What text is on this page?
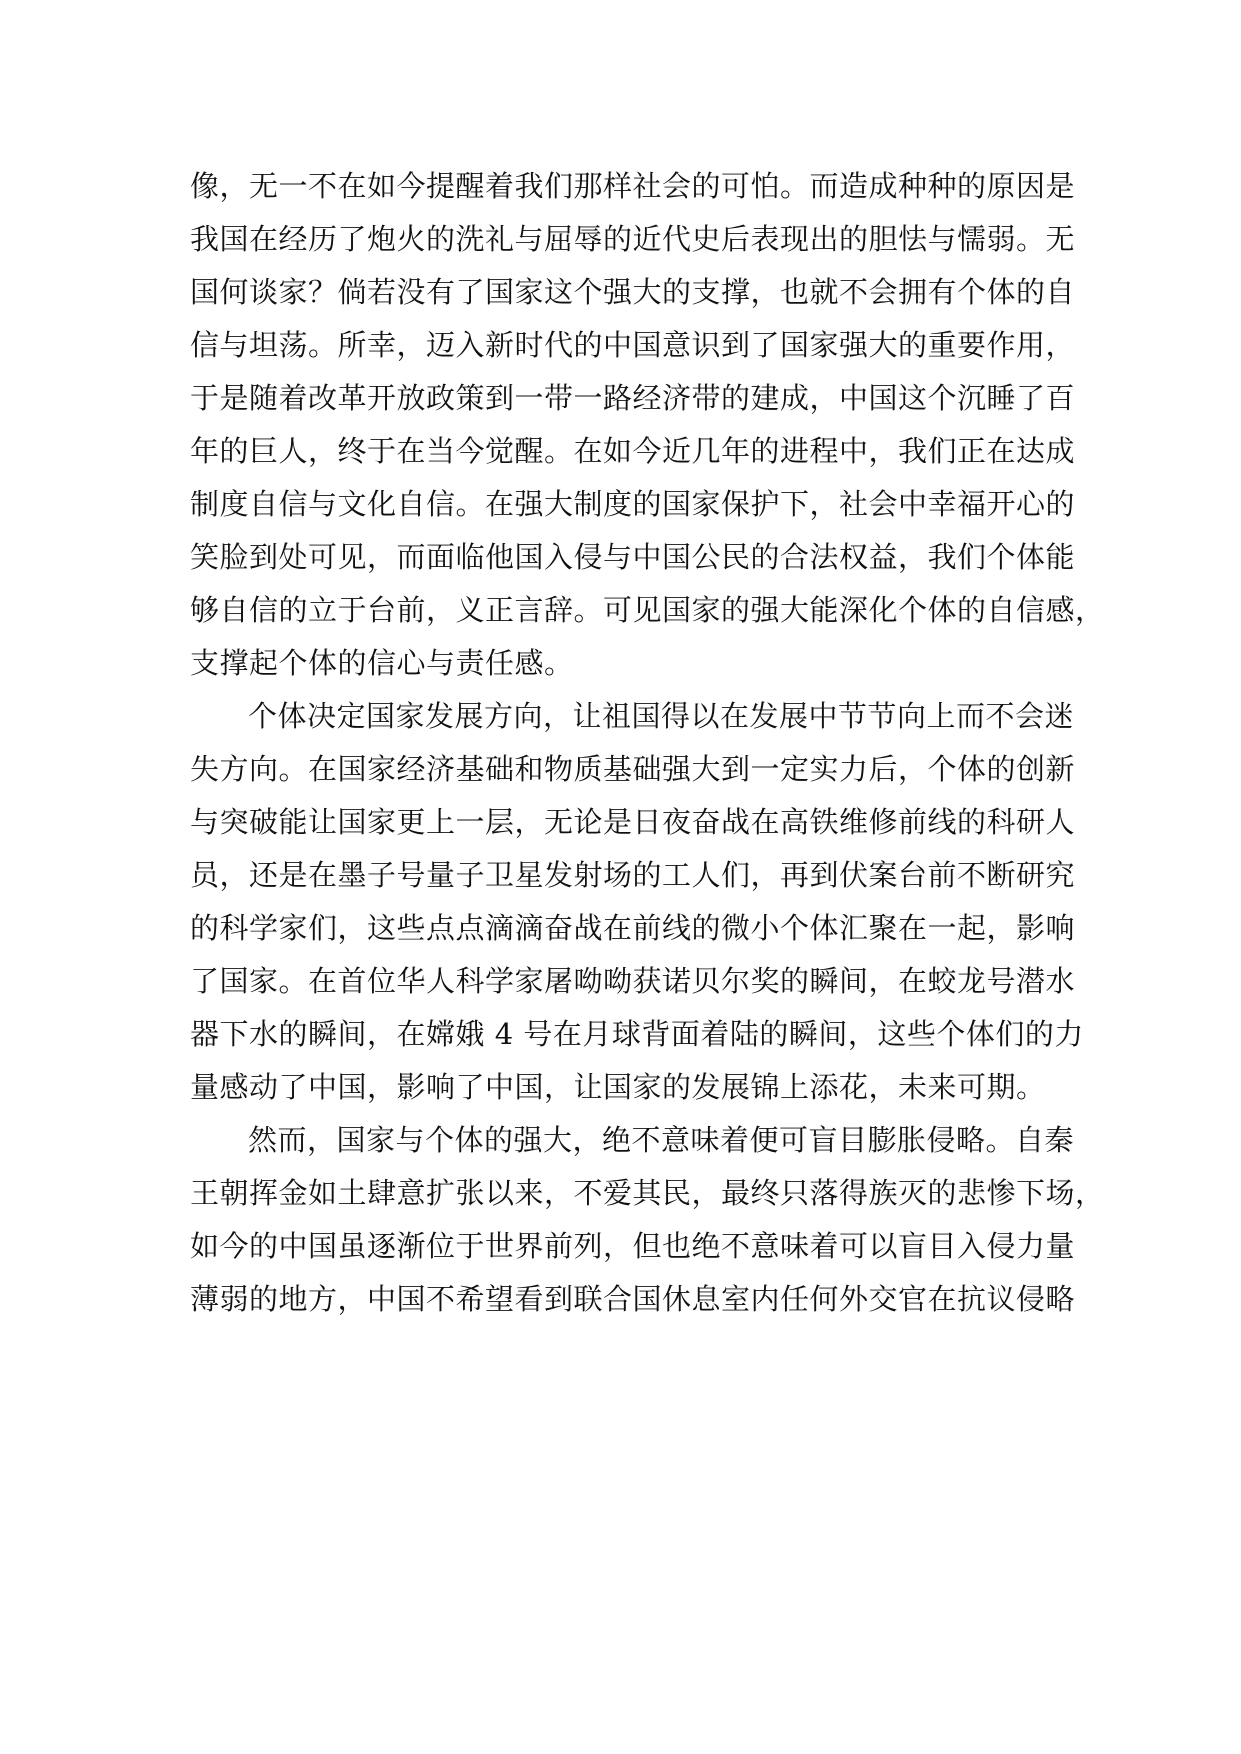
像，无一不在如今提醒着我们那样社会的可怕。而造成种种的原因是
我国在经历了炮火的洗礼与屈辱的近代史后表现出的胆怯与懦弱。无
国何谈家？倘若没有了国家这个强大的支撑，也就不会拥有个体的自
信与坦荡。所幸，迈入新时代的中国意识到了国家强大的重要作用，
于是随着改革开放政策到一带一路经济带的建成，中国这个沉睡了百
年的巨人，终于在当今觉醒。在如今近几年的进程中，我们正在达成
制度自信与文化自信。在强大制度的国家保护下，社会中幸福开心的
笑脸到处可见，而面临他国入侵与中国公民的合法权益，我们个体能
够自信的立于台前，义正言辞。可见国家的强大能深化个体的自信感，
支撑起个体的信心与责任感。
个体决定国家发展方向，让祖国得以在发展中节节向上而不会迷
失方向。在国家经济基础和物质基础强大到一定实力后，个体的创新
与突破能让国家更上一层，无论是日夜奋战在高铁维修前线的科研人
员，还是在墨子号量子卫星发射场的工人们，再到伏案台前不断研究
的科学家们，这些点点滴滴奋战在前线的微小个体汇聚在一起，影响
了国家。在首位华人科学家屠呦呦获诺贝尔奖的瞬间，在蛟龙号潜水
器下水的瞬间，在嫦娥 4 号在月球背面着陆的瞬间，这些个体们的力
量感动了中国，影响了中国，让国家的发展锦上添花，未来可期。
然而，国家与个体的强大，绝不意味着便可盲目膨胀侵略。自秦
王朝挥金如土肆意扩张以来，不爱其民，最终只落得族灭的悲惨下场，
如今的中国虽逐渐位于世界前列，但也绝不意味着可以盲目入侵力量
薄弱的地方，中国不希望看到联合国休息室内任何外交官在抗议侵略
